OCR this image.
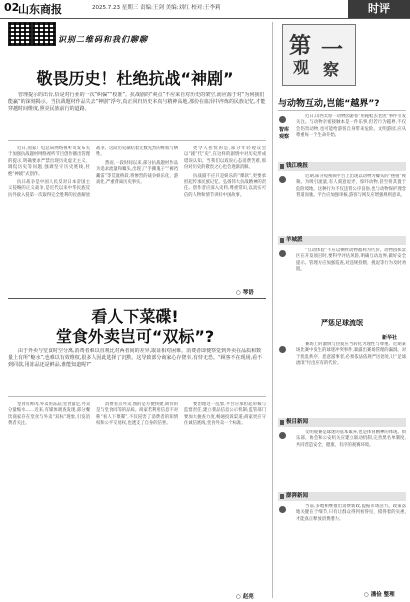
02
山东商报	2025.7.23 星期三 责编:王剑 美编:刘红 校对:王李莉	时评
识别二维码和我们聊聊	第 一
观 察
敬畏历史！杜绝抗战“神剧”
管理提示的出台,恰是对行业的一次“纠偏”“校准”。抗战剧的“爽点”不应来自对历史的架空,而应源于对“为何我们能赢”的深刻揭示。当抗战题材作品失去“神剧”浮夸,真正回归历史本真与精神高地,那份在血泪中淬炼的民族记忆,才能穿越时间维度,照亮民族前行的道路。

近日,国家广电总局网络视听司发布关于加强抗战题材网络视听节目创作播出管理的提示,明确要求严禁出现历史虚无主义、调侃历史等问题,强调坚守历史底线,杜绝“神剧”式创作。

抗日战争是中国人民反对日本帝国主义侵略的正义战争,是近代以来中华民族反抗外敌入侵第一次取得完全胜利的民族解放战争。这段历史凝结着无数先烈的鲜血与牺牲。

然而,一段时间以来,部分抗战题材作品为追求流量和噱头,出现了“手撕鬼子”“裤裆藏雷”等荒诞桥段,将惨烈的战争娱乐化、游戏化,严重背离历史事实。

更令人担忧的是,部分年轻观众会以“剧”代“史”,在这样的剧情中对历史形成错误认知。当我们以戏说心态消费苦难,那份对历史的敬畏之心也会逐渐消解。

抗战剧不应只是娱乐的“爆款”,更要承担起传承民族记忆、弘扬伟大抗战精神的责任。创作者应深入史料,尊重常识,以真实可信的人物和情节讲好中国故事。

○ 琴语
看人下菜碟!
堂食外卖岂可“双标”?
由于外卖与堂食时空分离,消费者难以直观比对两者间的差异,取证相对困难。消费者即便察觉到外卖在品质和数量上有所“缩水”,也难以有效维权,很多人因此选择了沉默。这导致部分商家心存侥幸,有恃无恐。“顾客不在现场,看不到同款,用冻品还是鲜品,谁能知道呢?”

堂食有鲜肉,外卖用冻品;堂食量足,外卖分量缩水……近来,有媒体调查发现,部分餐饮商家存在堂食与外卖“双标”现象,引发消费者关注。

消费者点外卖,图的是方便快捷,期待的是与堂食同等的品质。商家若利用信息不对称“看人下菜碟”,不仅侵害了消费者的知情权和公平交易权,也透支了自身的信誉。

要治理这一乱象,平台应承担起审核与监督责任,建立菜品信息公示机制;监管部门要加大抽查力度,畅通投诉渠道;商家更应守住诚信底线,堂食外卖一个标准。

○ 赵亮
与动物互动,岂能“越界”?
智库观察
近日,山西太原一动物园游客“用拖鞋丢老虎”事件引发关注。与动物亲密接触本是一件乐事,但若行为越界,不仅会伤害动物,也可能给游客自身带来危险。文明游园,应从尊重每一个生命开始。
钱江晚报
近期,部分短视频平台上出现以动物为噱头的“摆拍”视频。为吸引流量,有人刻意逗弄、惊吓动物,甚至将其置于危险境地。这种行为不仅违背公序良俗,也与动物保护理念背道而驰。平台应加强审核,游客与网友应增强规则意识。
羊城派
“互动体验”不应以牺牲动物福利为代价。动物园和景区在开发项目时,要科学评估风险,明确互动边界,做好安全提示。管理方应加强巡查,对违规投喂、挑逗等行为及时劝阻。
严惩足球流氓
新华社
赛场上的激情与热爱应当转化为理性与尊重。近期某场比赛中发生的球迷冲突事件,暴露出赛场管理的漏洞。对于扰乱秩序、恶意滋事者,必须依法依规严厉惩处,让“足球流氓”付出应有的代价。
极目新闻
文明观赛是球迷的基本素养,也是体育精神的体现。俱乐部、协会和公安机关应建立联动机制,完善黑名单制度,共同营造安全、健康、有序的观赛环境。
澎湃新闻
当前,多地相继推出消费新政,提振市场活力。政策落地关键在于细节,只有让群众得到看得见、摸得着的实惠,才能真正释放消费潜力。
○ 潘俭 整理
